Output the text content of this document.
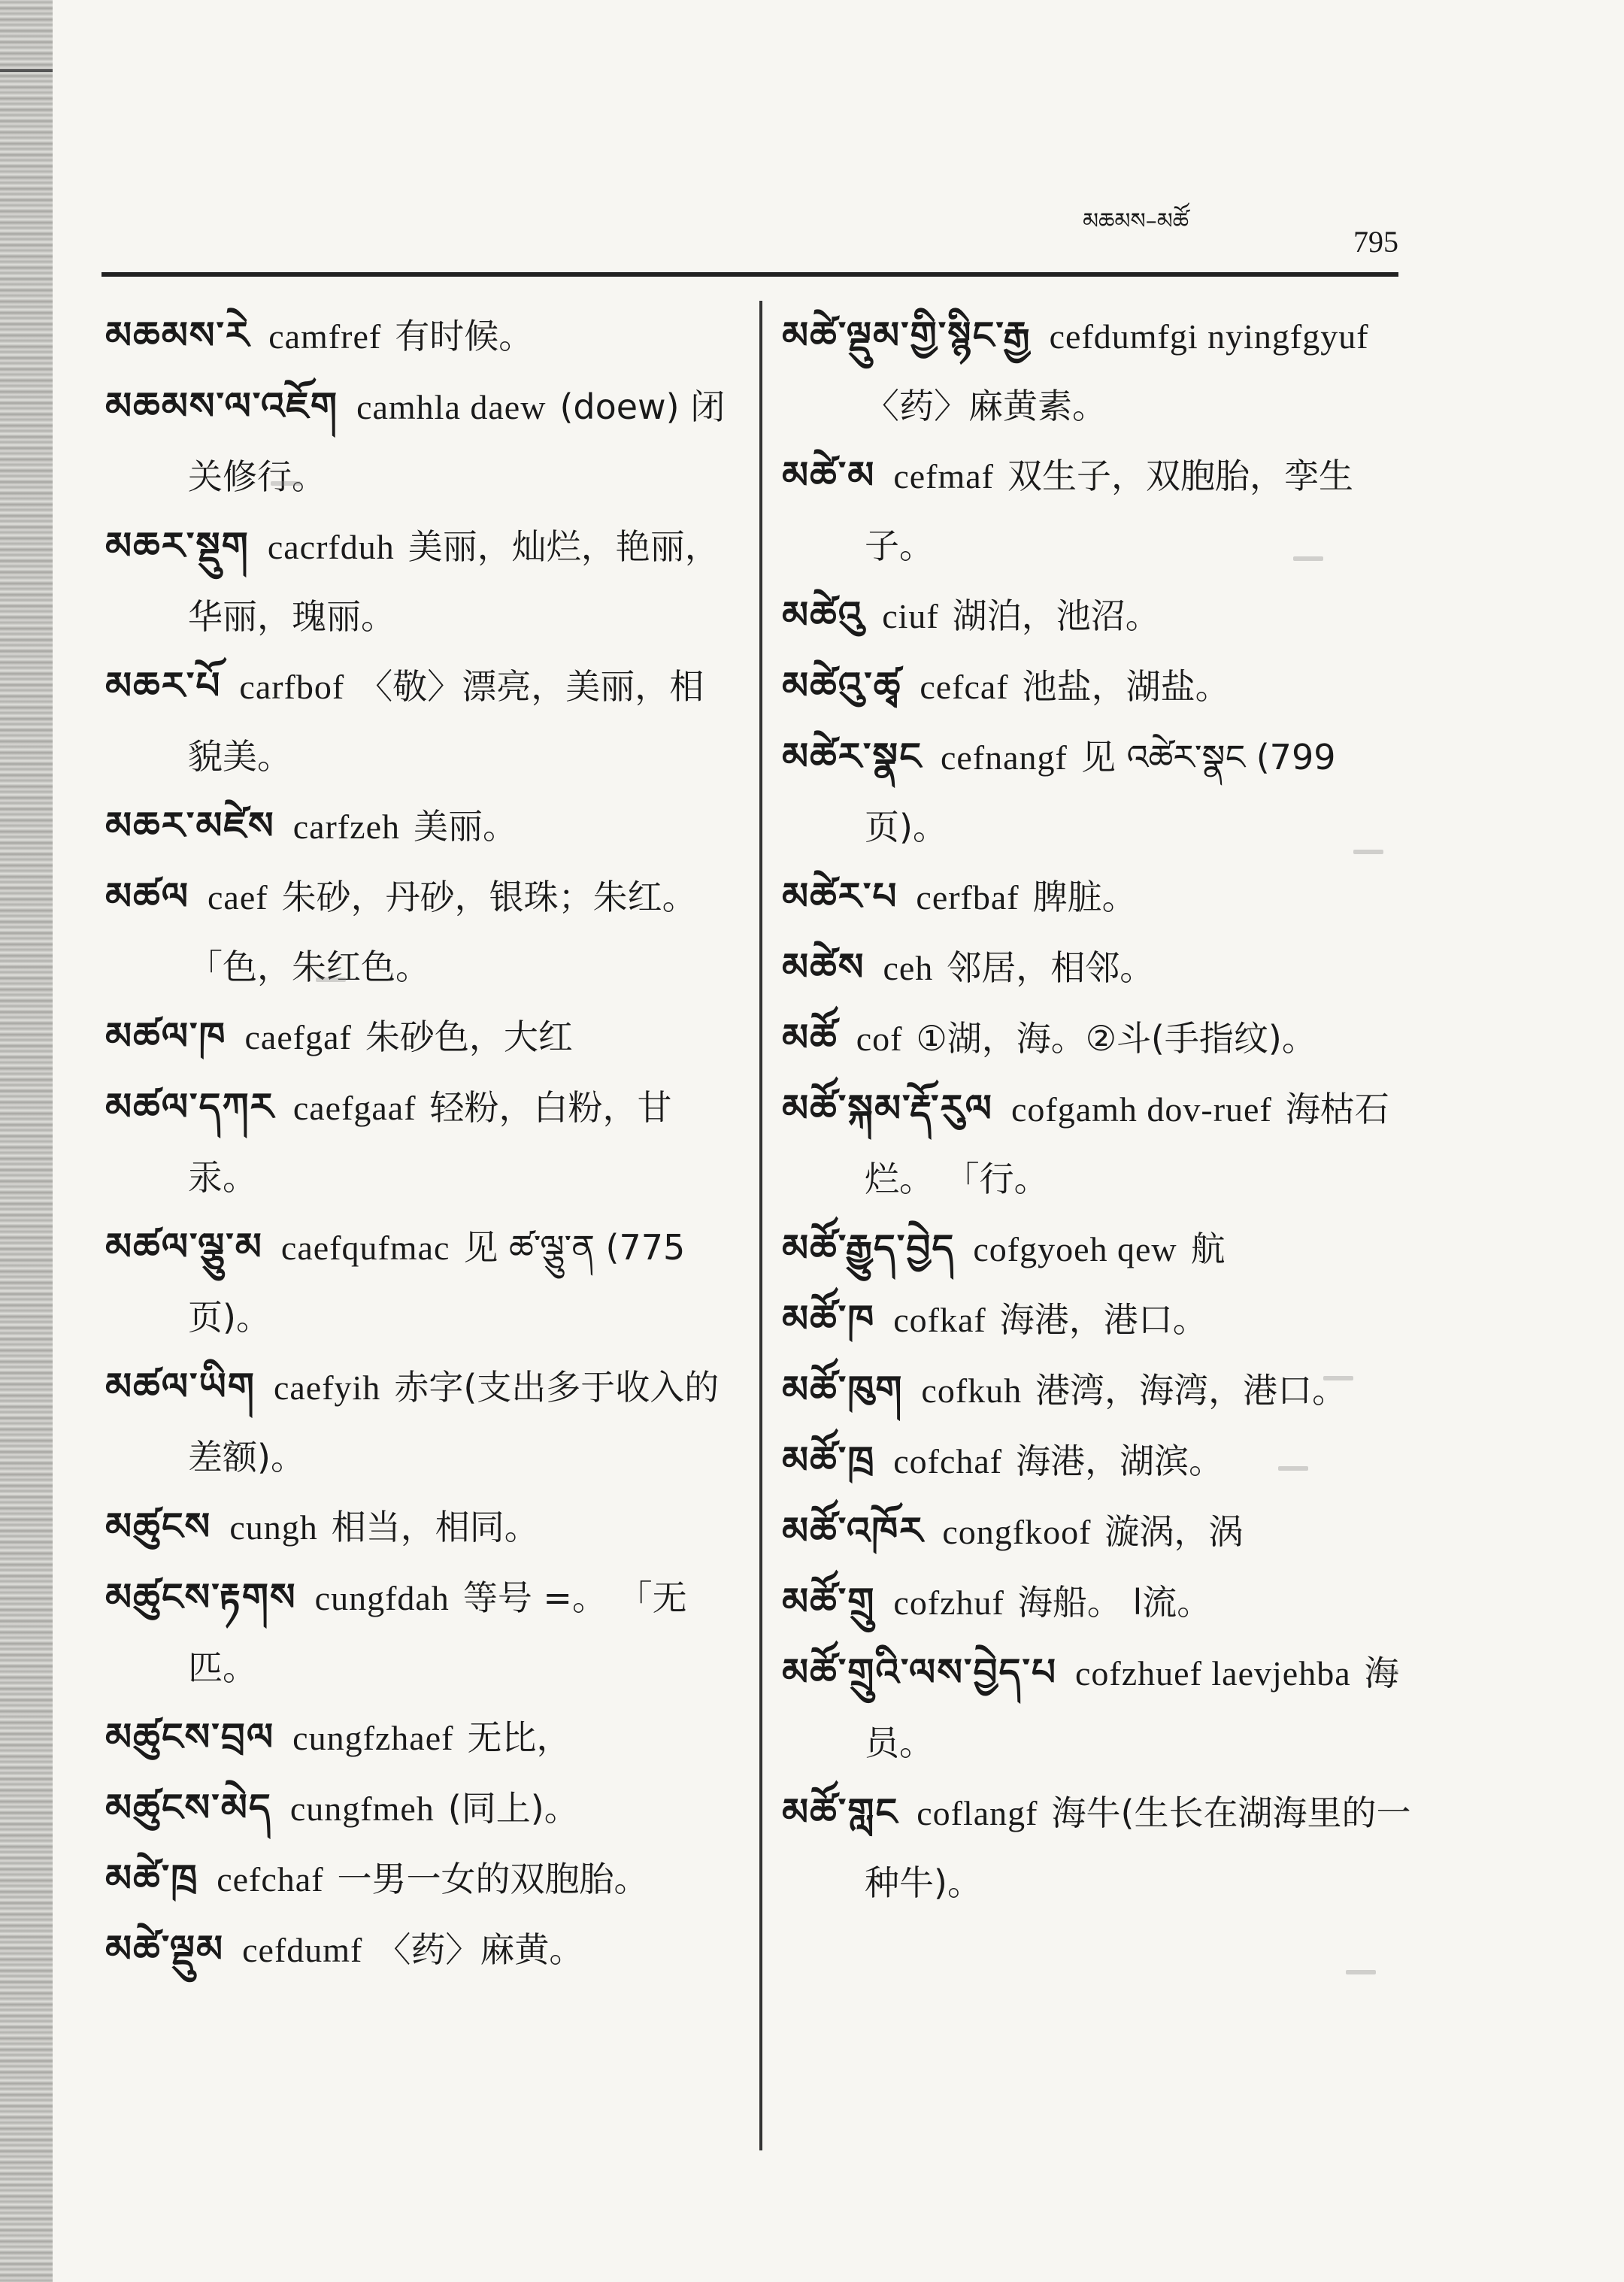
མཆམས–མཚོ
795

མཆམས་རེ camfref 有时候。

མཆམས་ལ་འཇོག camhla daew (doew) 闭关修行。

མཆར་སྡུག cacrfduh 美丽，灿烂，艳丽，华丽，瑰丽。

མཆར་པོ carfbof 〈敬〉漂亮，美丽，相貌美。

མཆར་མཛེས carfzeh 美丽。

མཚལ caef 朱砂，丹砂，银珠；朱红。 「色，朱红色。

མཚལ་ཁ caefgaf 朱砂色，大红

མཚལ་དཀར caefgaaf 轻粉，白粉，甘汞。

མཚལ་ལྕུ་མ caefqufmac 见 ཚ་ལྕུ་ན (775页)。

མཚལ་ཡིག caefyih 赤字(支出多于收入的差额)。

མཚུངས cungh 相当，相同。

མཚུངས་རྟགས cungfdah 等号 =。 「无匹。

མཚུངས་བྲལ cungfzhaef 无比，

མཚུངས་མེད cungfmeh (同上)。

མཚེ་ཁྲ cefchaf 一男一女的双胞胎。

མཚེ་ལྡུམ cefdumf 〈药〉麻黄。

མཚེ་ལྡུམ་གྱི་སྙིང་རྒྱ cefdumfgi nyingfgyuf〈药〉麻黄素。

མཚེ་མ cefmaf 双生子，双胞胎，孪生子。

མཚེའུ ciuf 湖泊，池沼。

མཚེའུ་ཚྭ cefcaf 池盐，湖盐。

མཚེར་སྣང cefnangf 见 འཚེར་སྣང (799页)。

མཚེར་པ cerfbaf 脾脏。

མཚེས ceh 邻居，相邻。

མཚོ cof ①湖，海。②斗(手指纹)。

མཚོ་སྐམ་རྡོ་རུལ cofgamh dov-ruef 海枯石烂。 「行。

མཚོ་རྒྱུད་བྱེད cofgyoeh qew 航

མཚོ་ཁ cofkaf 海港，港口。

མཚོ་ཁུག cofkuh 港湾，海湾，港口。

མཚོ་ཁྲ cofchaf 海港，湖滨。

མཚོ་འཁོར congfkoof 漩涡，涡

མཚོ་གྲུ cofzhuf 海船。 l流。

མཚོ་གྲུའི་ལས་བྱེད་པ cofzhuef laevjehba 海员。

མཚོ་གླང coflangf 海牛(生长在湖海里的一种牛)。
